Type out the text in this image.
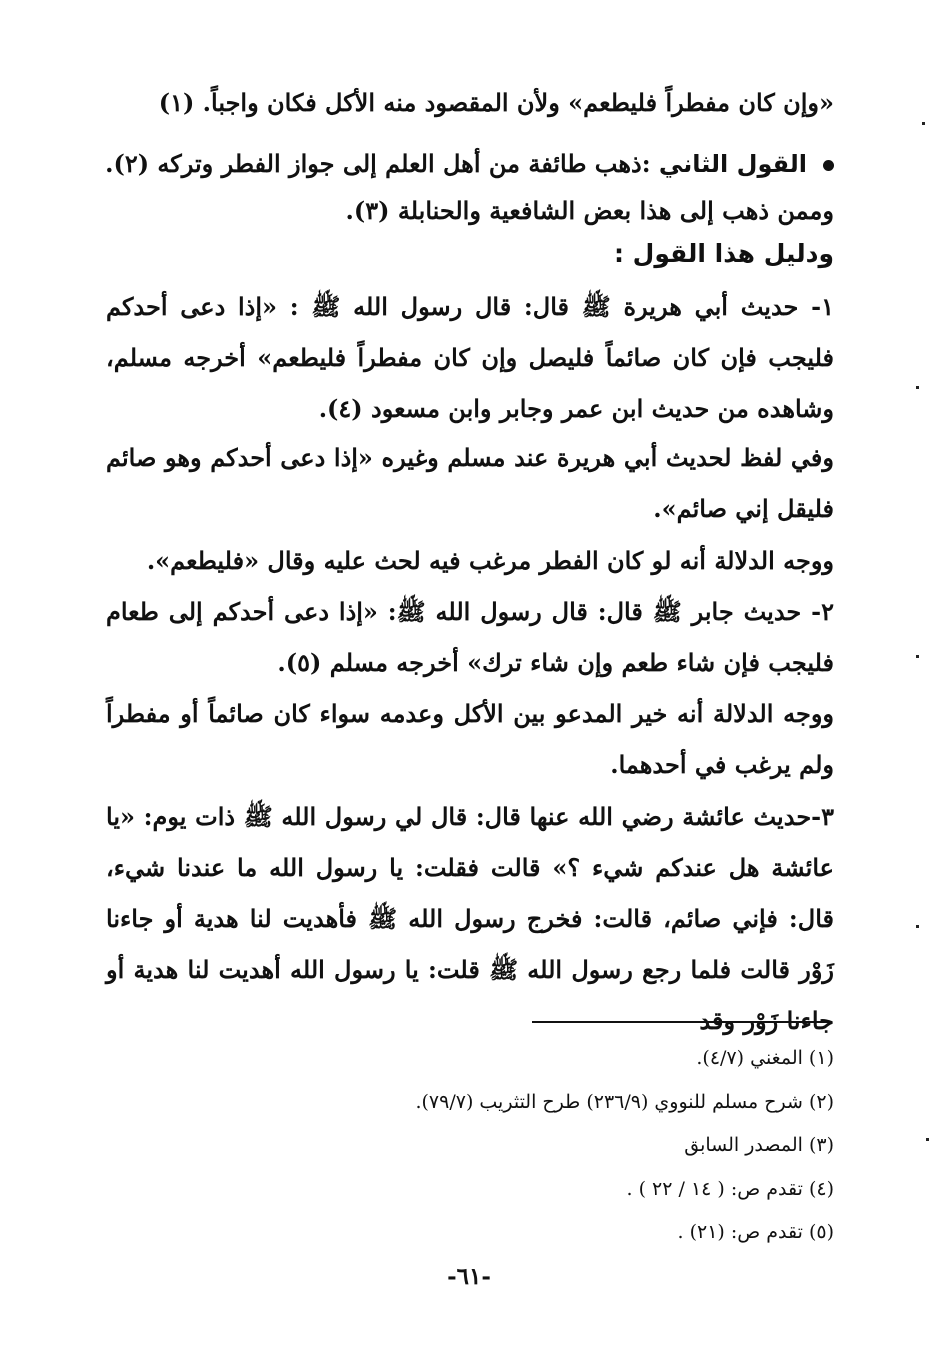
«وإن كان مفطراً فليطعم» ولأن المقصود منه الأكل فكان واجباً. (١)
القول الثاني :ذهب طائفة من أهل العلم إلى جواز الفطر وتركه (٢).
وممن ذهب إلى هذا بعض الشافعية والحنابلة (٣).
ودليل هذا القول :
١- حديث أبي هريرة ﷺ قال: قال رسول الله ﷺ : «إذا دعى أحدكم فليجب فإن كان صائماً فليصل وإن كان مفطراً فليطعم» أخرجه مسلم، وشاهده من حديث ابن عمر وجابر وابن مسعود (٤).
وفي لفظ لحديث أبي هريرة عند مسلم وغيره «إذا دعى أحدكم وهو صائم فليقل إني صائم».
ووجه الدلالة أنه لو كان الفطر مرغب فيه لحث عليه وقال «فليطعم».
٢- حديث جابر ﷺ قال: قال رسول الله ﷺ: «إذا دعى أحدكم إلى طعام فليجب فإن شاء طعم وإن شاء ترك» أخرجه مسلم (٥).
ووجه الدلالة أنه خير المدعو بين الأكل وعدمه سواء كان صائماً أو مفطراً ولم يرغب في أحدهما.
٣-حديث عائشة رضي الله عنها قال: قال لي رسول الله ﷺ ذات يوم: «يا عائشة هل عندكم شيء ؟» قالت فقلت: يا رسول الله ما عندنا شيء، قال: فإني صائم، قالت: فخرج رسول الله ﷺ فأهديت لنا هدية أو جاءنا زَوْر قالت فلما رجع رسول الله ﷺ قلت: يا رسول الله أهديت لنا هدية أو جاءنا زَوْر وقد
(١) المغني (٤/٧).
(٢) شرح مسلم للنووي (٢٣٦/٩) طرح التثريب (٧٩/٧).
(٣) المصدر السابق
(٤) تقدم ص: ( ١٤ / ٢٢ ) .
(٥) تقدم ص: (٢١) .
-٦١-
